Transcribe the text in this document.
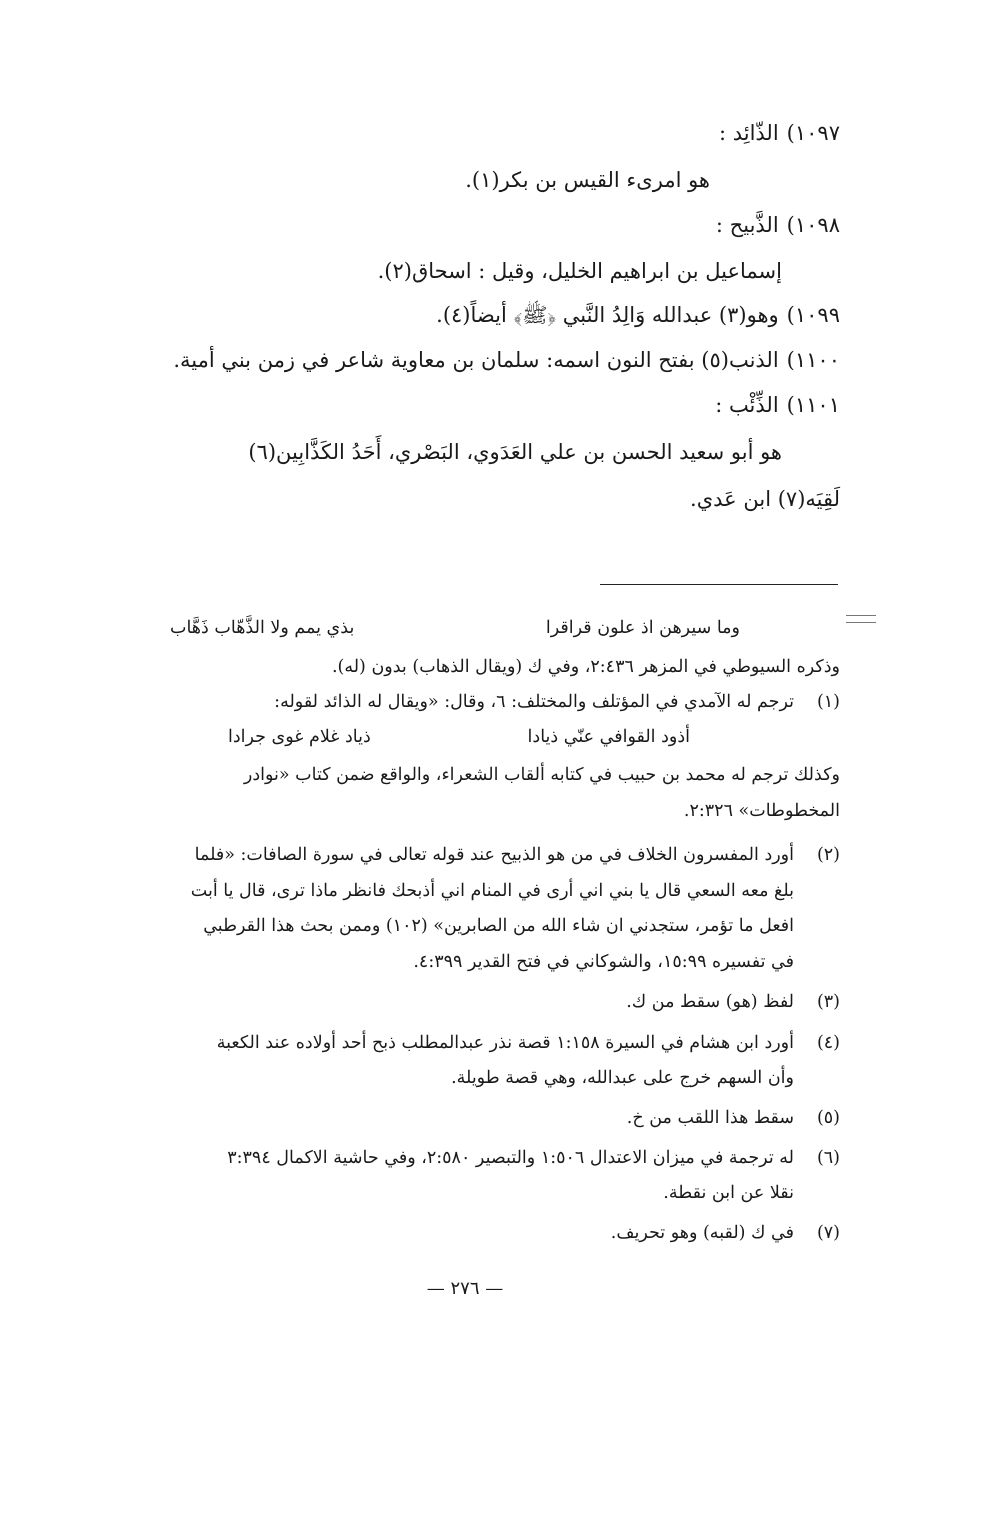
١٠٩٧)الذّائِد :
هو امرىء القيس بن بكر(١).
١٠٩٨)الذَّبيح :
إسماعيل بن ابراهيم الخليل، وقيل : اسحاق(٢).
١٠٩٩)وهو(٣) عبدالله وَالِدُ النَّبي ﴿ﷺ﴾ أيضاً(٤).
١١٠٠)الذنب(٥) بفتح النون اسمه: سلمان بن معاوية شاعر في زمن بني أمية.
١١٠١)الذِّئْب :
هو أبو سعيد الحسن بن علي العَدَوي، البَصْري، أَحَدُ الكَذَّابِين(٦)
لَقِيَه(٧) ابن عَدي.
وما سيرهن اذ علون قراقرا
بذي يمم ولا الذَّهّاب ذَهَّاب
وذكره السيوطي في المزهر ٢:٤٣٦، وفي ك (ويقال الذهاب) بدون (له).
(١)ترجم له الآمدي في المؤتلف والمختلف: ٦، وقال: «ويقال له الذائد لقوله:
أذود القوافي عنّي ذيادا
ذياد غلام غوى جرادا
وكذلك ترجم له محمد بن حبيب في كتابه ألقاب الشعراء، والواقع ضمن كتاب «نوادر
المخطوطات» ٢:٣٢٦.
(٢)أورد المفسرون الخلاف في من هو الذبيح عند قوله تعالى في سورة الصافات: «فلما
بلغ معه السعي قال يا بني اني أرى في المنام اني أذبحك فانظر ماذا ترى، قال يا أبت
افعل ما تؤمر، ستجدني ان شاء الله من الصابرين» (١٠٢) وممن بحث هذا القرطبي
في تفسيره ١٥:٩٩، والشوكاني في فتح القدير ٤:٣٩٩.
(٣)لفظ (هو) سقط من ك.
(٤)أورد ابن هشام في السيرة ١:١٥٨ قصة نذر عبدالمطلب ذبح أحد أولاده عند الكعبة
وأن السهم خرج على عبدالله، وهي قصة طويلة.
(٥)سقط هذا اللقب من خ.
(٦)له ترجمة في ميزان الاعتدال ١:٥٠٦ والتبصير ٢:٥٨٠، وفي حاشية الاكمال ٣:٣٩٤
نقلا عن ابن نقطة.
(٧)في ك (لقبه) وهو تحريف.
— ٢٧٦ —
